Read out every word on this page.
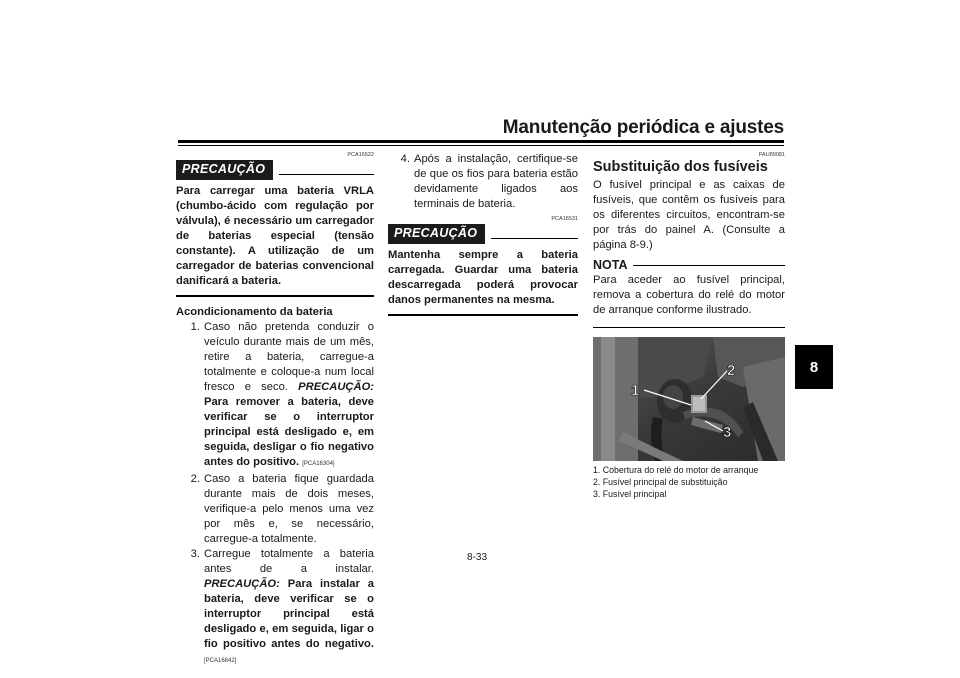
Manutenção periódica e ajustes
8
PCA16522
PRECAUÇÃO
Para carregar uma bateria VRLA (chumbo-ácido com regulação por válvula), é necessário um carregador de baterias especial (tensão constante). A utilização de um carregador de baterias convencional danificará a bateria.
Acondicionamento da bateria
1. Caso não pretenda conduzir o veículo durante mais de um mês, retire a bateria, carregue-a totalmente e coloque-a num local fresco e seco. PRECAUÇÃO: Para remover a bateria, deve verificar se o interruptor principal está desligado e, em seguida, desligar o fio negativo antes do positivo. [PCA16304]
2. Caso a bateria fique guardada durante mais de dois meses, verifique-a pelo menos uma vez por mês e, se necessário, carregue-a totalmente.
3. Carregue totalmente a bateria antes de a instalar. PRECAUÇÃO: Para instalar a bateria, deve verificar se o interruptor principal está desligado e, em seguida, ligar o fio positivo antes do negativo. [PCA16842]
4. Após a instalação, certifique-se de que os fios para bateria estão devidamente ligados aos terminais de bateria.
PCA16531
PRECAUÇÃO
Mantenha sempre a bateria carregada. Guardar uma bateria descarregada poderá provocar danos permanentes na mesma.
PAU89081
Substituição dos fusíveis
O fusível principal e as caixas de fusíveis, que contêm os fusíveis para os diferentes circuitos, encontram-se por trás do painel A. (Consulte a página 8-9.)
NOTA
Para aceder ao fusível principal, remova a cobertura do relé do motor de arranque conforme ilustrado.
1
2
3
1. Cobertura do relé do motor de arranque
2. Fusível principal de substituição
3. Fusível principal
8-33
